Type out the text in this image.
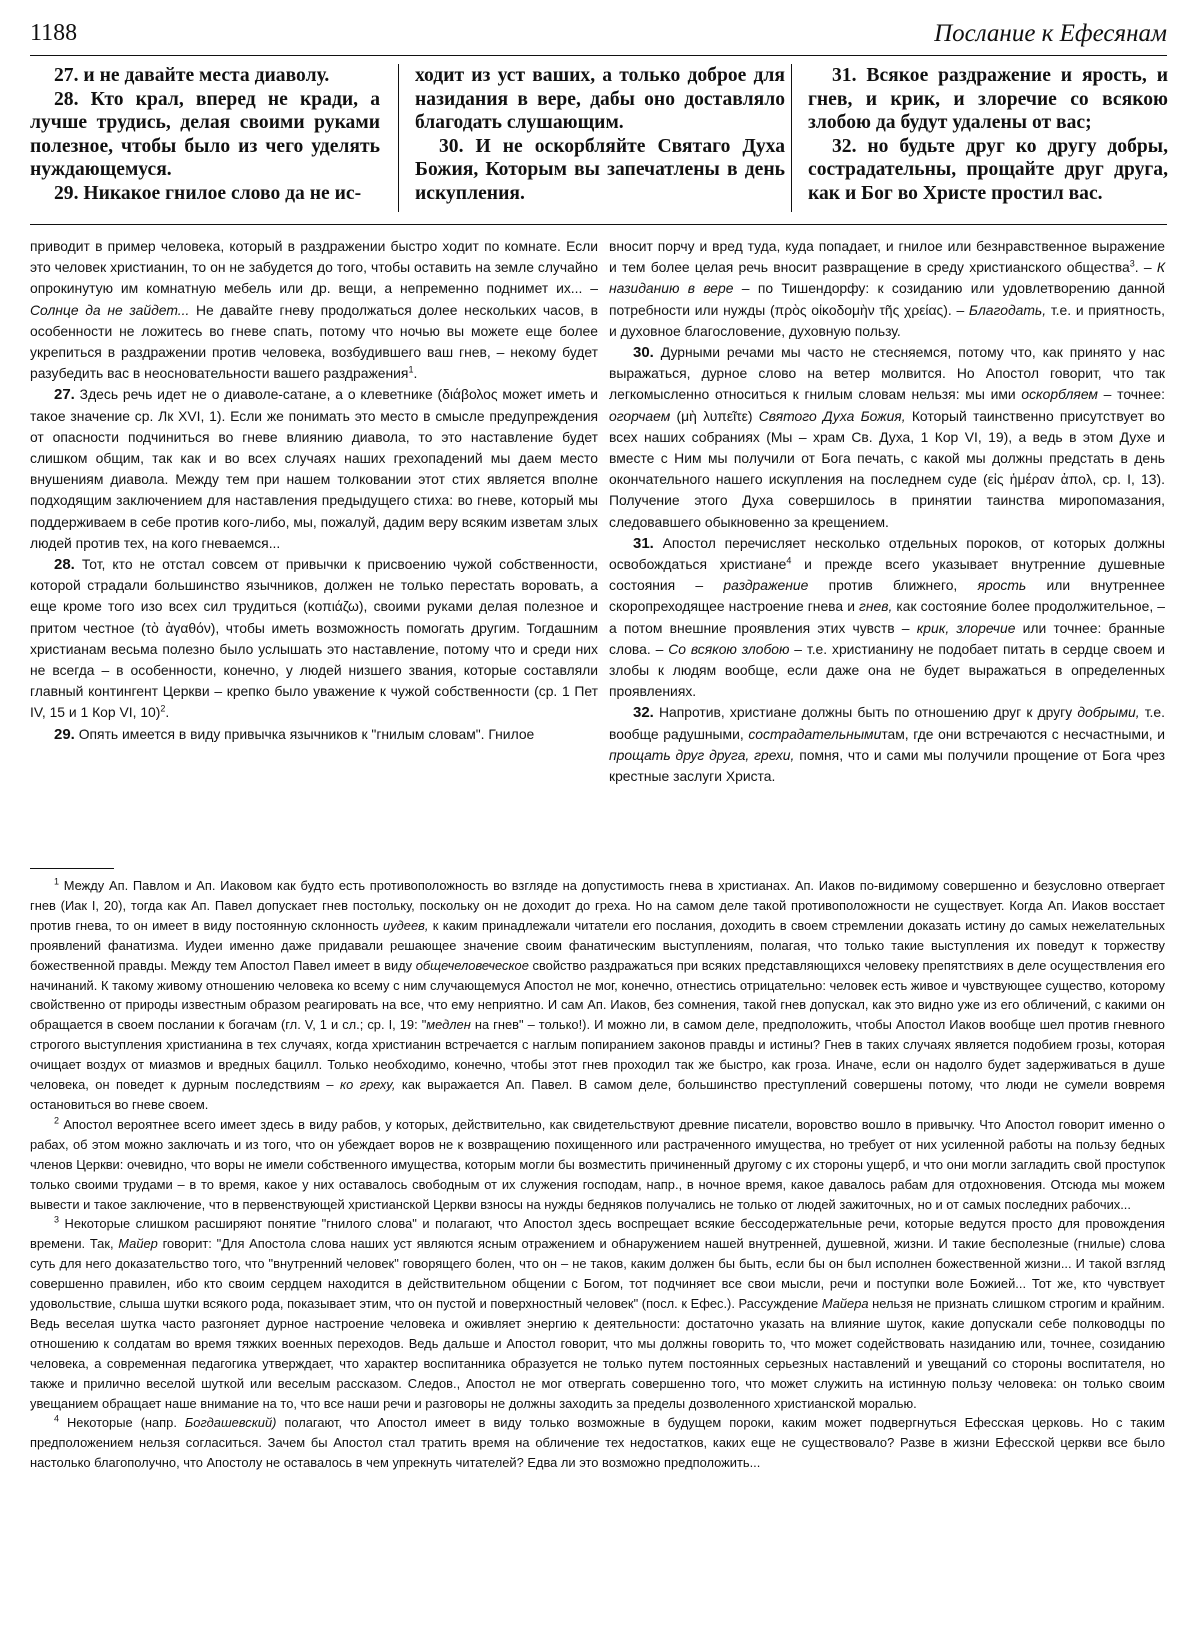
1188	Послание к Ефесянам

27. и не давайте места диаволу.

28. Кто крал, вперед не кради, а лучше трудись, делая своими руками полезное, чтобы было из чего уделять нуждающемуся.

29. Никакое гнилое слово да не ис-

ходит из уст ваших, а только доброе для назидания в вере, дабы оно доставляло благодать слушающим.

30. И не оскорбляйте Святаго Духа Божия, Которым вы запечатлены в день искупления.

31. Всякое раздражение и ярость, и гнев, и крик, и злоречие со всякою злобою да будут удалены от вас;

32. но будьте друг ко другу добры, сострадательны, прощайте друг друга, как и Бог во Христе простил вас.

приводит в пример человека, который в раздражении быстро ходит по комнате. Если это человек христианин, то он не забудется до того, чтобы оставить на земле случайно опрокинутую им комнатную мебель или др. вещи, а непременно поднимет их... – Солнце да не зайдет... Не давайте гневу продолжаться долее нескольких часов, в особенности не ложитесь во гневе спать, потому что ночью вы можете еще более укрепиться в раздражении против человека, возбудившего ваш гнев, – некому будет разубедить вас в неосновательности вашего раздражения$^1$.

27. Здесь речь идет не о диаволе-сатане, а о клеветнике (διάβολος может иметь и такое значение ср. Лк XVI, 1). Если же понимать это место в смысле предупреждения от опасности подчиниться во гневе влиянию диавола, то это наставление будет слишком общим, так как и во всех случаях наших грехопадений мы даем место внушениям диавола. Между тем при нашем толковании этот стих является вполне подходящим заключением для наставления предыдущего стиха: во гневе, который мы поддерживаем в себе против кого-либо, мы, пожалуй, дадим веру всяким изветам злых людей против тех, на кого гневаемся...

28. Тот, кто не отстал совсем от привычки к присвоению чужой собственности, которой страдали большинство язычников, должен не только перестать воровать, а еще кроме того изо всех сил трудиться (κοπιάζω), своими руками делая полезное и притом честное (τὸ ἀγαθόν), чтобы иметь возможность помогать другим. Тогдашним христианам весьма полезно было услышать это наставление, потому что и среди них не всегда – в особенности, конечно, у людей низшего звания, которые составляли главный контингент Церкви – крепко было уважение к чужой собственности (ср. 1 Пет IV, 15 и 1 Кор VI, 10)$^2$.

29. Опять имеется в виду привычка язычников к "гнилым словам". Гнилое

вносит порчу и вред туда, куда попадает, и гнилое или безнравственное выражение и тем более целая речь вносит развращение в среду христианского общества$^3$. – К назиданию в вере – по Тишендорфу: к созиданию или удовлетворению данной потребности или нужды (πρὸς οἰκοδομὴν τῆς χρείας). – Благодать, т.е. и приятность, и духовное благословение, духовную пользу.

30. Дурными речами мы часто не стесняемся, потому что, как принято у нас выражаться, дурное слово на ветер молвится. Но Апостол говорит, что так легкомысленно относиться к гнилым словам нельзя: мы ими оскорбляем – точнее: огорчаем (μὴ λυπεῖτε) Святого Духа Божия, Который таинственно присутствует во всех наших собраниях (Мы – храм Св. Духа, 1 Кор VI, 19), а ведь в этом Духе и вместе с Ним мы получили от Бога печать, с какой мы должны предстать в день окончательного нашего искупления на последнем суде (εἰς ἡμέραν ἀπολ, ср. I, 13). Получение этого Духа совершилось в принятии таинства миропомазания, следовавшего обыкновенно за крещением.

31. Апостол перечисляет несколько отдельных пороков, от которых должны освобождаться христиане$^4$ и прежде всего указывает внутренние душевные состояния – раздражение против ближнего, ярость или внутреннее скоропреходящее настроение гнева и гнев, как состояние более продолжительное, – а потом внешние проявления этих чувств – крик, злоречие или точнее: бранные слова. – Со всякою злобою – т.е. христианину не подобает питать в сердце своем и злобы к людям вообще, если даже она не будет выражаться в определенных проявлениях.

32. Напротив, христиане должны быть по отношению друг к другу добрыми, т.е. вообще радушными, сострадательнымитам, где они встречаются с несчастными, и прощать друг друга, грехи, помня, что и сами мы получили прощение от Бога чрез крестные заслуги Христа.

$^1$ Между Ап. Павлом и Ап. Иаковом как будто есть противоположность во взгляде на допустимость гнева в христианах. Ап. Иаков по-видимому совершенно и безусловно отвергает гнев (Иак I, 20), тогда как Ап. Павел допускает гнев постольку, поскольку он не доходит до греха. Но на самом деле такой противоположности не существует. Когда Ап. Иаков восстает против гнева, то он имеет в виду постоянную склонность иудеев, к каким принадлежали читатели его послания, доходить в своем стремлении доказать истину до самых нежелательных проявлений фанатизма. Иудеи именно даже придавали решающее значение своим фанатическим выступлениям, полагая, что только такие выступления их поведут к торжеству божественной правды. Между тем Апостол Павел имеет в виду общечеловеческое свойство раздражаться при всяких представляющихся человеку препятствиях в деле осуществления его начинаний. К такому живому отношению человека ко всему с ним случающемуся Апостол не мог, конечно, отнестись отрицательно: человек есть живое и чувствующее существо, которому свойственно от природы известным образом реагировать на все, что ему неприятно. И сам Ап. Иаков, без сомнения, такой гнев допускал, как это видно уже из его обличений, с какими он обращается в своем послании к богачам (гл. V, 1 и сл.; ср. I, 19: "медлен на гнев" – только!). И можно ли, в самом деле, предположить, чтобы Апостол Иаков вообще шел против гневного строгого выступления христианина в тех случаях, когда христианин встречается с наглым попиранием законов правды и истины? Гнев в таких случаях является подобием грозы, которая очищает воздух от миазмов и вредных бацилл. Только необходимо, конечно, чтобы этот гнев проходил так же быстро, как гроза. Иначе, если он надолго будет задерживаться в душе человека, он поведет к дурным последствиям – ко греху, как выражается Ап. Павел. В самом деле, большинство преступлений совершены потому, что люди не сумели вовремя остановиться во гневе своем.

$^2$ Апостол вероятнее всего имеет здесь в виду рабов, у которых, действительно, как свидетельствуют древние писатели, воровство вошло в привычку. Что Апостол говорит именно о рабах, об этом можно заключать и из того, что он убеждает воров не к возвращению похищенного или растраченного имущества, но требует от них усиленной работы на пользу бедных членов Церкви: очевидно, что воры не имели собственного имущества, которым могли бы возместить причиненный другому с их стороны ущерб, и что они могли загладить свой проступок только своими трудами – в то время, какое у них оставалось свободным от их служения господам, напр., в ночное время, какое давалось рабам для отдохновения. Отсюда мы можем вывести и такое заключение, что в первенствующей христианской Церкви взносы на нужды бедняков получались не только от людей зажиточных, но и от самых последних рабочих...

$^3$ Некоторые слишком расширяют понятие "гнилого слова" и полагают, что Апостол здесь воспрещает всякие бессодержательные речи, которые ведутся просто для провождения времени. Так, Майер говорит: "Для Апостола слова наших уст являются ясным отражением и обнаружением нашей внутренней, душевной, жизни. И такие бесполезные (гнилые) слова суть для него доказательство того, что "внутренний человек" говорящего болен, что он – не таков, каким должен бы быть, если бы он был исполнен божественной жизни... И такой взгляд совершенно правилен, ибо кто своим сердцем находится в действительном общении с Богом, тот подчиняет все свои мысли, речи и поступки воле Божией... Тот же, кто чувствует удовольствие, слыша шутки всякого рода, показывает этим, что он пустой и поверхностный человек" (посл. к Ефес.). Рассуждение Майера нельзя не признать слишком строгим и крайним. Ведь веселая шутка часто разгоняет дурное настроение человека и оживляет энергию к деятельности: достаточно указать на влияние шуток, какие допускали себе полководцы по отношению к солдатам во время тяжких военных переходов. Ведь дальше и Апостол говорит, что мы должны говорить то, что может содействовать назиданию или, точнее, созиданию человека, а современная педагогика утверждает, что характер воспитанника образуется не только путем постоянных серьезных наставлений и увещаний со стороны воспитателя, но также и прилично веселой шуткой или веселым рассказом. Следов., Апостол не мог отвергать совершенно того, что может служить на истинную пользу человека: он только своим увещанием обращает наше внимание на то, что все наши речи и разговоры не должны заходить за пределы дозволенного христианской моралью.

$^4$ Некоторые (напр. Богдашевский) полагают, что Апостол имеет в виду только возможные в будущем пороки, каким может подвергнуться Ефесская церковь. Но с таким предположением нельзя согласиться. Зачем бы Апостол стал тратить время на обличение тех недостатков, каких еще не существовало? Разве в жизни Ефесской церкви все было настолько благополучно, что Апостолу не оставалось в чем упрекнуть читателей? Едва ли это возможно предположить...
